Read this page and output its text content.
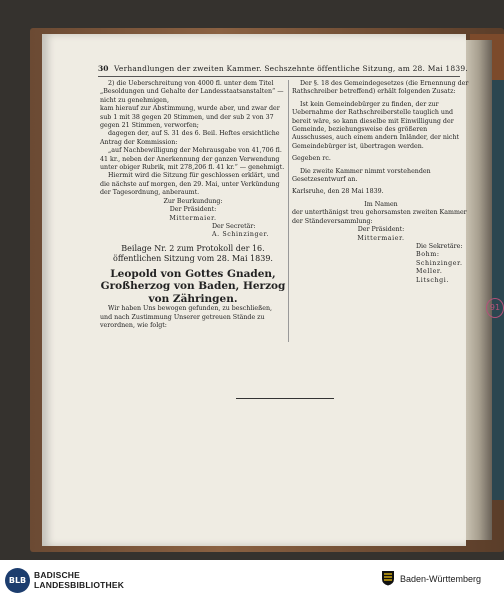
30 Verhandlungen der zweiten Kammer. Sechszehnte öffentliche Sitzung, am 28. Mai 1839.

2) die Ueberschreitung von 4000 fl. unter dem Titel „Besoldungen und Gehalte der Landesstaatsanstalten“ — nicht zu genehmigen,

kam hierauf zur Abstimmung, wurde aber, und zwar der sub 1 mit 38 gegen 20 Stimmen, und der sub 2 von 37 gegen 21 Stimmen, verworfen;

dagegen der, auf S. 31 des 6. Beil. Heftes ersichtliche Antrag der Kommission:

„auf Nachbewilligung der Mehrausgabe von 41,706 fl. 41 kr., neben der Anerkennung der ganzen Verwendung unter obiger Rubrik, mit 278,206 fl. 41 kr.“ — genehmigt.

Hiermit wird die Sitzung für geschlossen erklärt, und die nächste auf morgen, den 29. Mai, unter Verkündung der Tagesordnung, anberaumt.

Zur Beurkundung:

Der Präsident:

Mittermaier.

Der Secretär:

A. Schinzinger.

Beilage Nr. 2 zum Protokoll der 16. öffentlichen Sitzung vom 28. Mai 1839.

Leopold von Gottes Gnaden, Großherzog von Baden, Herzog von Zähringen.

Wir haben Uns bewogen gefunden, zu beschließen, und nach Zustimmung Unserer getreuen Stände zu verordnen, wie folgt:

Der §. 18 des Gemeindegesetzes (die Ernennung der Rathschreiber betreffend) erhält folgenden Zusatz:

Ist kein Gemeindebürger zu finden, der zur Uebernahme der Rathschreiberstelle tauglich und bereit wäre, so kann dieselbe mit Einwilligung der Gemeinde, beziehungsweise des größeren Ausschusses, auch einem andern Inländer, der nicht Gemeindebürger ist, übertragen werden.

Gegeben rc.

Die zweite Kammer nimmt vorstehenden Gesetzesentwurf an.

Karlsruhe, den 28 Mai 1839.

Im Namen

der unterthänigst treu gehorsamsten zweiten Kammer der Ständeversammlung:

Der Präsident:

Mittermaier.

Die Sekretäre:

Bohm:

Schinzinger.

Meller.

Litschgi.

91
BLB
BADISCHE
LANDESBIBLIOTHEK
Baden-Württemberg
